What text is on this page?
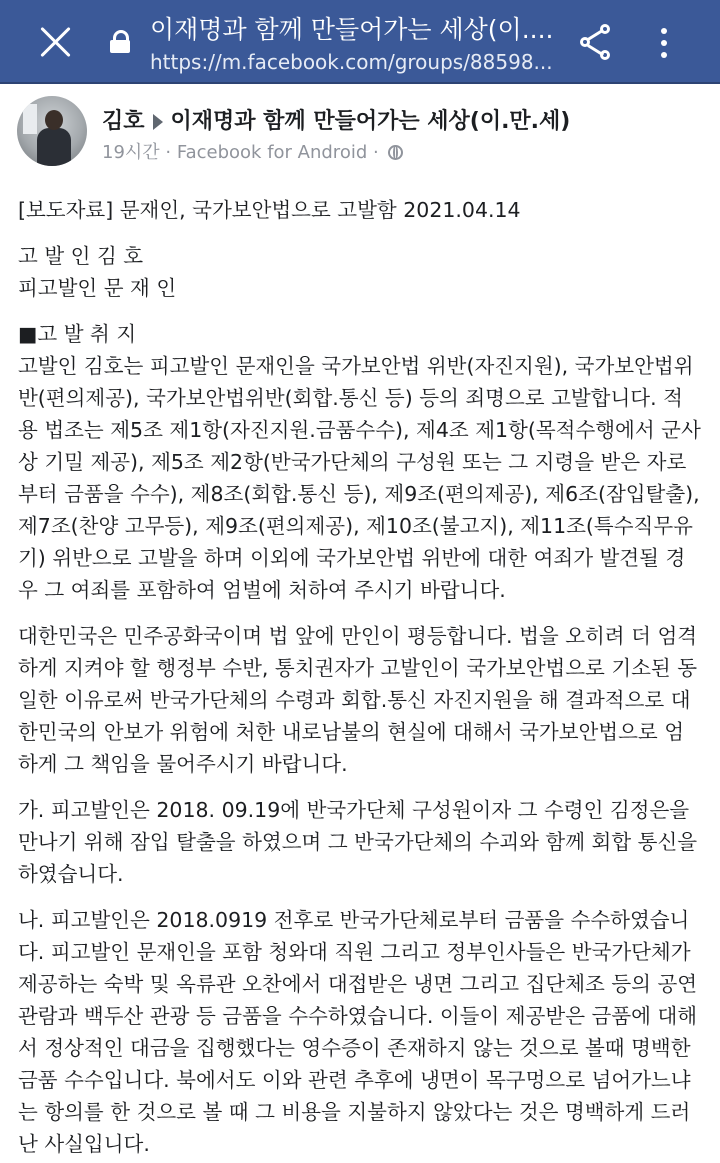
이재명과 함께 만들어가는 세상(이....
https://m.facebook.com/groups/88598...
김호 이재명과 함께 만들어가는 세상(이.만.세)
19시간 · Facebook for Android ·

[보도자료] 문재인, 국가보안법으로 고발함 2021.04.14

고 발 인 김 호

피고발인 문 재 인

■고 발 취 지

고발인 김호는 피고발인 문재인을 국가보안법 위반(자진지원), 국가보안법위반(편의제공), 국가보안법위반(회합.통신 등) 등의 죄명으로 고발합니다. 적용 법조는 제5조 제1항(자진지원.금품수수), 제4조 제1항(목적수행에서 군사상 기밀 제공), 제5조 제2항(반국가단체의 구성원 또는 그 지령을 받은 자로부터 금품을 수수), 제8조(회합.통신 등), 제9조(편의제공), 제6조(잠입탈출), 제7조(찬양 고무등), 제9조(편의제공), 제10조(불고지), 제11조(특수직무유기) 위반으로 고발을 하며 이외에 국가보안법 위반에 대한 여죄가 발견될 경우 그 여죄를 포함하여 엄벌에 처하여 주시기 바랍니다.

대한민국은 민주공화국이며 법 앞에 만인이 평등합니다. 법을 오히려 더 엄격하게 지켜야 할 행정부 수반, 통치권자가 고발인이 국가보안법으로 기소된 동일한 이유로써 반국가단체의 수령과 회합.통신 자진지원을 해 결과적으로 대한민국의 안보가 위험에 처한 내로남불의 현실에 대해서 국가보안법으로 엄하게 그 책임을 물어주시기 바랍니다.

가. 피고발인은 2018. 09.19에 반국가단체 구성원이자 그 수령인 김정은을 만나기 위해 잠입 탈출을 하였으며 그 반국가단체의 수괴와 함께 회합 통신을 하였습니다.

나. 피고발인은 2018.0919 전후로 반국가단체로부터 금품을 수수하였습니다. 피고발인 문재인을 포함 청와대 직원 그리고 정부인사들은 반국가단체가 제공하는 숙박 및 옥류관 오찬에서 대접받은 냉면 그리고 집단체조 등의 공연 관람과 백두산 관광 등 금품을 수수하였습니다. 이들이 제공받은 금품에 대해서 정상적인 대금을 집행했다는 영수증이 존재하지 않는 것으로 볼때 명백한 금품 수수입니다. 북에서도 이와 관련 추후에 냉면이 목구멍으로 넘어가느냐는 항의를 한 것으로 볼 때 그 비용을 지불하지 않았다는 것은 명백하게 드러난 사실입니다.
